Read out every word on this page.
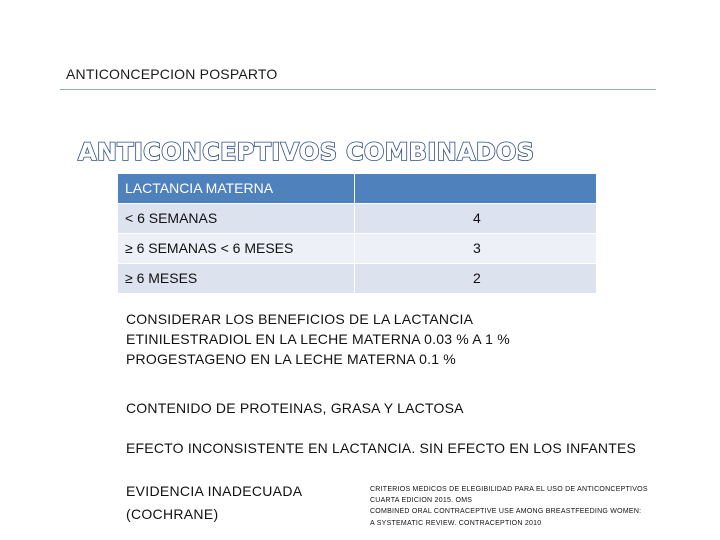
ANTICONCEPCION POSPARTO
ANTICONCEPTIVOS COMBINADOS
LACTANCIA MATERNA
< 6 SEMANAS	4
≥ 6 SEMANAS < 6 MESES	3
≥ 6 MESES	2
CONSIDERAR LOS BENEFICIOS DE LA LACTANCIA
ETINILESTRADIOL EN LA LECHE MATERNA 0.03 % A 1 %
PROGESTAGENO EN LA LECHE MATERNA 0.1 %
CONTENIDO DE PROTEINAS, GRASA Y LACTOSA
EFECTO INCONSISTENTE EN LACTANCIA. SIN EFECTO EN LOS INFANTES
EVIDENCIA INADECUADA
(COCHRANE)
CRITERIOS MEDICOS DE ELEGIBILIDAD PARA EL USO DE ANTICONCEPTIVOS
CUARTA EDICION 2015. OMS
COMBINED ORAL CONTRACEPTIVE USE AMONG BREASTFEEDING WOMEN:
A SYSTEMATIC REVIEW. CONTRACEPTION 2010
